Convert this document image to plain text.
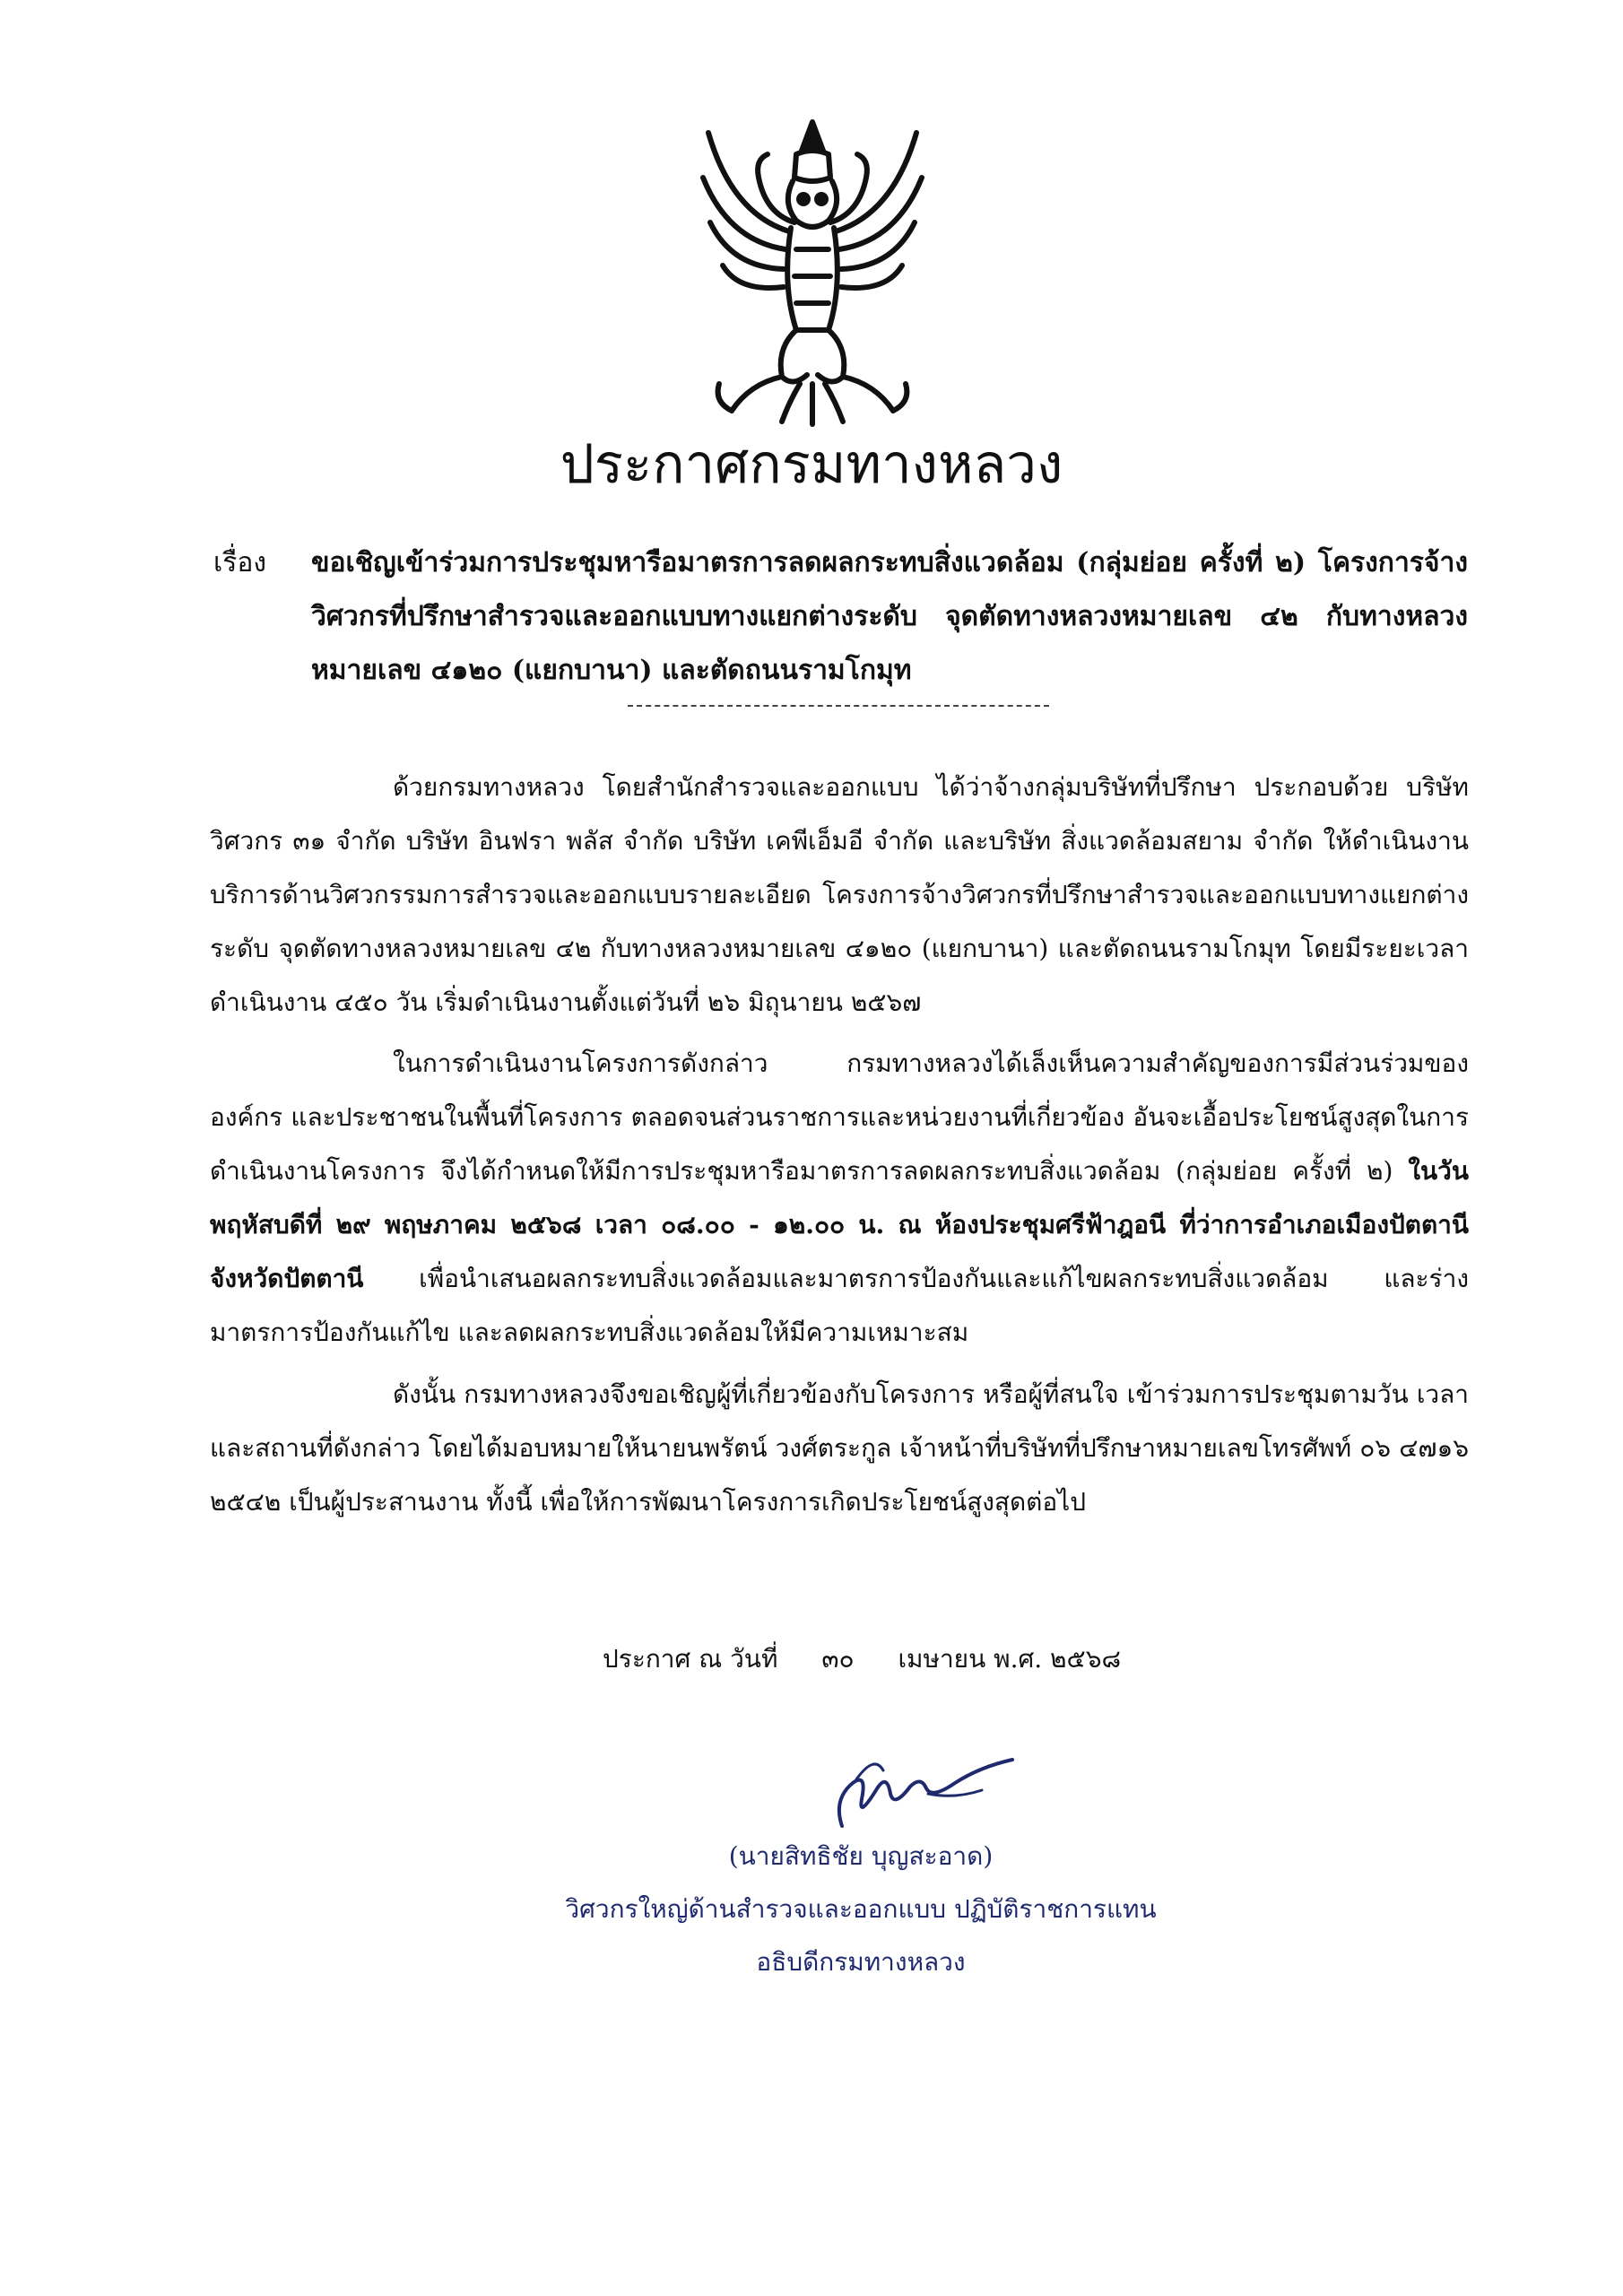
ประกาศกรมทางหลวง
เรื่อง ขอเชิญเข้าร่วมการประชุมหารือมาตรการลดผลกระทบสิ่งแวดล้อม (กลุ่มย่อย ครั้งที่ ๒) โครงการจ้างวิศวกรที่ปรึกษาสำรวจและออกแบบทางแยกต่างระดับ จุดตัดทางหลวงหมายเลข ๔๒ กับทางหลวงหมายเลข ๔๑๒๐ (แยกบานา) และตัดถนนรามโกมุท

ด้วยกรมทางหลวง โดยสำนักสำรวจและออกแบบ ได้ว่าจ้างกลุ่มบริษัทที่ปรึกษา ประกอบด้วย บริษัท วิศวกร ๓๑ จำกัด บริษัท อินฟรา พลัส จำกัด บริษัท เคพีเอ็มอี จำกัด และบริษัท สิ่งแวดล้อมสยาม จำกัด ให้ดำเนินงานบริการด้านวิศวกรรมการสำรวจและออกแบบรายละเอียด โครงการจ้างวิศวกรที่ปรึกษาสำรวจและออกแบบทางแยกต่างระดับ จุดตัดทางหลวงหมายเลข ๔๒ กับทางหลวงหมายเลข ๔๑๒๐ (แยกบานา) และตัดถนนรามโกมุท โดยมีระยะเวลาดำเนินงาน ๔๕๐ วัน เริ่มดำเนินงานตั้งแต่วันที่ ๒๖ มิถุนายน ๒๕๖๗

ในการดำเนินงานโครงการดังกล่าว กรมทางหลวงได้เล็งเห็นความสำคัญของการมีส่วนร่วมขององค์กร และประชาชนในพื้นที่โครงการ ตลอดจนส่วนราชการและหน่วยงานที่เกี่ยวข้อง อันจะเอื้อประโยชน์สูงสุดในการดำเนินงานโครงการ จึงได้กำหนดให้มีการประชุมหารือมาตรการลดผลกระทบสิ่งแวดล้อม (กลุ่มย่อย ครั้งที่ ๒) ในวันพฤหัสบดีที่ ๒๙ พฤษภาคม ๒๕๖๘ เวลา ๐๘.๐๐ - ๑๒.๐๐ น. ณ ห้องประชุมศรีฟ้าฎอนี ที่ว่าการอำเภอเมืองปัตตานี จังหวัดปัตตานี เพื่อนำเสนอผลกระทบสิ่งแวดล้อมและมาตรการป้องกันและแก้ไขผลกระทบสิ่งแวดล้อม และร่างมาตรการป้องกันแก้ไข และลดผลกระทบสิ่งแวดล้อมให้มีความเหมาะสม

ดังนั้น กรมทางหลวงจึงขอเชิญผู้ที่เกี่ยวข้องกับโครงการ หรือผู้ที่สนใจ เข้าร่วมการประชุมตามวัน เวลา และสถานที่ดังกล่าว โดยได้มอบหมายให้นายนพรัตน์ วงศ์ตระกูล เจ้าหน้าที่บริษัทที่ปรึกษาหมายเลขโทรศัพท์ ๐๖ ๔๗๑๖ ๒๕๔๒ เป็นผู้ประสานงาน ทั้งนี้ เพื่อให้การพัฒนาโครงการเกิดประโยชน์สูงสุดต่อไป

ประกาศ ณ วันที่ ๓๐ เมษายน พ.ศ. ๒๕๖๘
(นายสิทธิชัย บุญสะอาด)
วิศวกรใหญ่ด้านสำรวจและออกแบบ ปฏิบัติราชการแทน
อธิบดีกรมทางหลวง
